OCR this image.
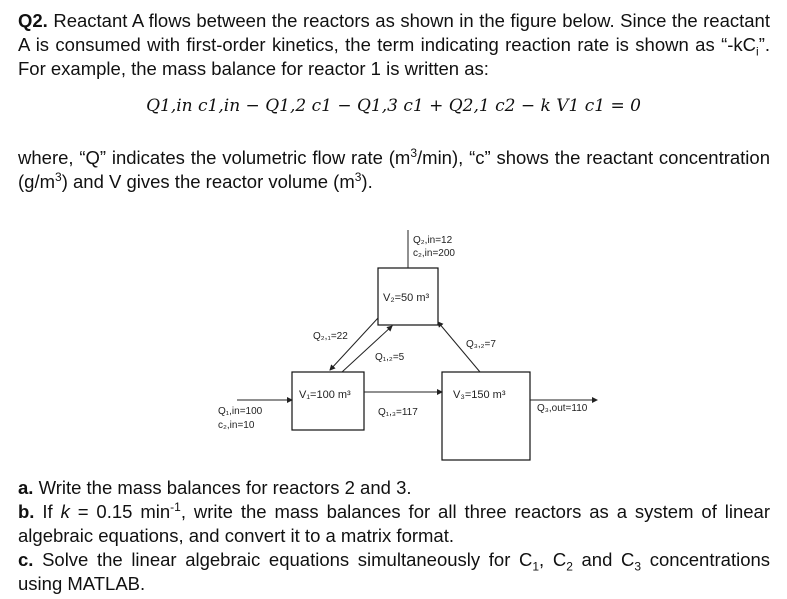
Q2. Reactant A flows between the reactors as shown in the figure below. Since the reactant A is consumed with first-order kinetics, the term indicating reaction rate is shown as “$-kC_i$”. For example, the mass balance for reactor 1 is written as:
Q1,in c1,in − Q1,2 c1 − Q1,3 c1 + Q2,1 c2 − k V1 c1 = 0
where, “Q” indicates the volumetric flow rate $(m^3/\min)$, “c” shows the reactant concentration $(g/m^3)$ and V gives the reactor volume $(m^3)$.
V₂=50 m³
V₁=100 m³	V₃=150 m³
Q₂,in=12
c₂,in=200
Q₁,in=100
c₂,in=10
Q₂,₁=22
Q₁,₂=5
Q₃,₂=7
Q₁,₃=117	Q₃,out=110
a. Write the mass balances for reactors 2 and 3.
b. If k = 0.15 $\min^{-1}$, write the mass balances for all three reactors as a system of linear algebraic equations, and convert it to a matrix format.
c. Solve the linear algebraic equations simultaneously for $C_1$, $C_2$ and $C_3$ concentrations using MATLAB.
